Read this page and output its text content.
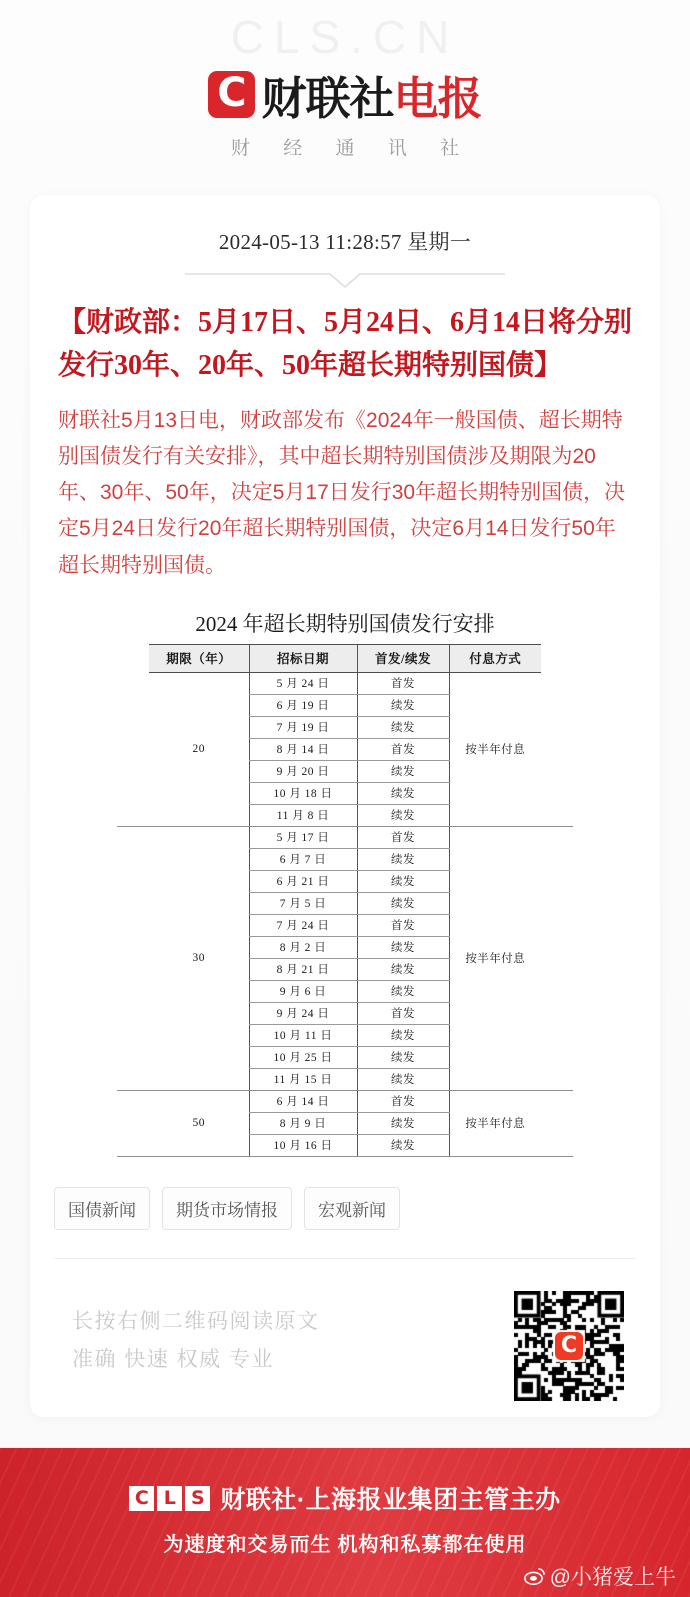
CLS.CN
C 财联社 电报
财 经 通 讯 社
2024-05-13 11:28:57 星期一
【财政部：5月17日、5月24日、6月14日将分别发行30年、20年、50年超长期特别国债】
财联社5月13日电，财政部发布《2024年一般国债、超长期特别国债发行有关安排》，其中超长期特别国债涉及期限为20年、30年、50年，决定5月17日发行30年超长期特别国债，决定5月24日发行20年超长期特别国债，决定6月14日发行50年超长期特别国债。
2024 年超长期特别国债发行安排
期限（年）	招标日期	首发/续发	付息方式
20	5 月 24 日	首发	按半年付息
	6 月 19 日	续发	
	7 月 19 日	续发	
	8 月 14 日	首发	
	9 月 20 日	续发	
	10 月 18 日	续发	
	11 月 8 日	续发	
30	5 月 17 日	首发	按半年付息
	6 月 7 日	续发	
	6 月 21 日	续发	
	7 月 5 日	续发	
	7 月 24 日	首发	
	8 月 2 日	续发	
	8 月 21 日	续发	
	9 月 6 日	续发	
	9 月 24 日	首发	
	10 月 11 日	续发	
	10 月 25 日	续发	
	11 月 15 日	续发	
50	6 月 14 日	首发	按半年付息
	8 月 9 日	续发	
	10 月 16 日	续发	
国债新闻	期货市场情报	宏观新闻
长按右侧二维码阅读原文
准确 快速 权威 专业
C
C L S 财联社·上海报业集团主管主办
为速度和交易而生 机构和私募都在使用
@小猪爱上牛
